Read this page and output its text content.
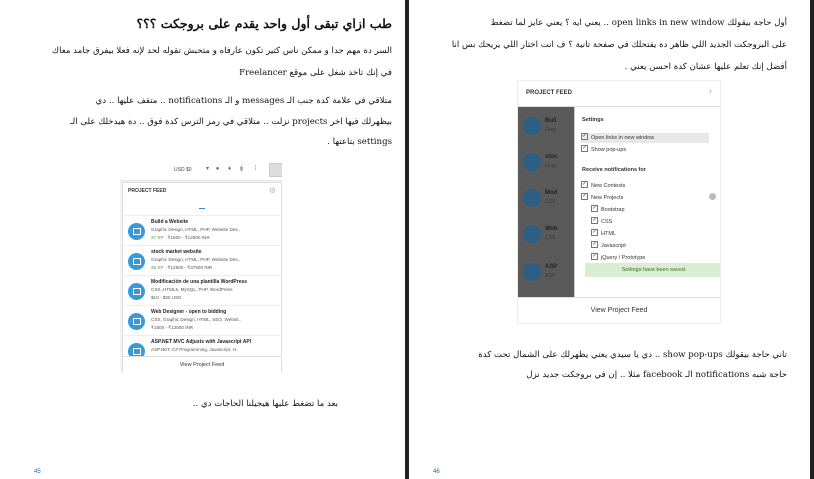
طب ازاي تبقى أول واحد يقدم على بروجكت ؟؟؟
السر دة مهم جدا و ممكن ناس كتير تكون عارفاه و متحبش تقوله لحد لإنه فعلا بيفرق جامد معاك
في إنك تاخد شغل على موقع Freelancer
متلاقي في علامة كدة جنب الـ messages و الـ notifications .. متقف عليها .. دي
بيظهرلك فيها اخر projects نزلت .. متلاقي في رمز الترس كدة فوق .. دة هيدخلك على الـ
settings بتاعتها .
USD $0	▾	●	♦	ɸ	⁞
PROJECT FEED	⚙
Build a Website
Graphic Design, HTML, PHP, Website Des..
27 XP · ₹1500 - ₹12500 INR
stock market website
Graphic Design, HTML, PHP, Website Des..
35 XP · ₹12500 - ₹37500 INR
Modificación de una plantilla WordPress
CSS, HTML5, MySQL, PHP, WordPress
$10 - $30 USD
Web Designer - open to bidding
CSS, Graphic Design, HTML, SEO, Websit..
₹1500 - ₹12500 INR
ASP.NET MVC Adjusts with Javascript API
ASP.NET, C# Programming, Javascript, H..
View Project Feed
بعد ما تضغط عليها هيجيلنا الحاجات دي ..
45
أول حاجة بيقولك open links in new window .. يعني ايه ؟ يعني عايز لما تضغط
على البروجكت الجديد اللي ظاهر دة يفتحلك في صفحة تانية ؟ ف انت اختار اللي يريحك بس انا
أفضل إنك تعلم عليها عشان كدة احسن يعني .
PROJECT FEED	›
Buil
Grap
stoc
Grap
Mod
CSS
Web
CSS
ASP
ASP
Settings
✓ Open links in new window
✓ Show pop-ups
Receive notifications for
✓ New Contests
✓ New Projects
✓ Bootstrap
✓ CSS
✓ HTML
✓ Javascript
✓ jQuery / Prototype
Settings have been saved.
View Project Feed
تاني حاجة بيقولك show pop-ups .. دي يا سيدي يعني يظهرلك على الشمال تحت كدة
حاجة شبه notifications الـ facebook مثلا .. إن في بروجكت جديد نزل
46
